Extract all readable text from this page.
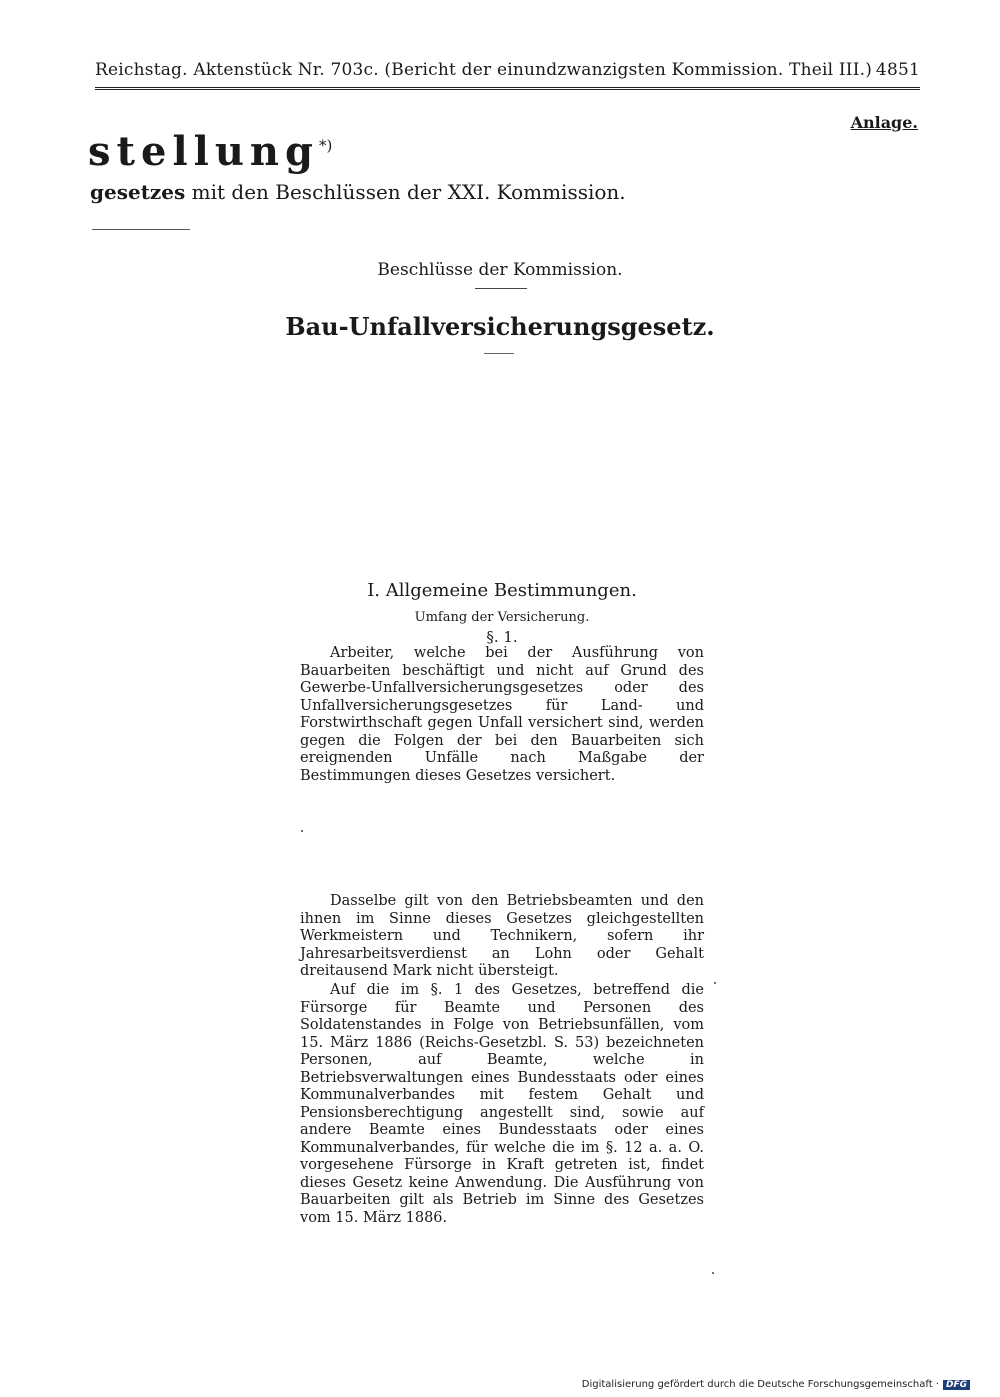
Reichstag. Aktenstück Nr. 703c. (Bericht der einundzwanzigsten Kommission. Theil III.) 4851
Anlage.
stellung*)
gesetzes mit den Beschlüssen der XXI. Kommission.
Beschlüsse der Kommission.
Bau-Unfallversicherungsgesetz.
I. Allgemeine Bestimmungen.
Umfang der Versicherung.
§. 1.

Arbeiter, welche bei der Ausführung von Bauarbeiten beschäftigt und nicht auf Grund des Gewerbe-Unfallversicherungsgesetzes oder des Unfallversicherungsgesetzes für Land- und Forstwirthschaft gegen Unfall versichert sind, werden gegen die Folgen der bei den Bauarbeiten sich ereignenden Unfälle nach Maßgabe der Bestimmungen dieses Gesetzes versichert.

Dasselbe gilt von den Betriebsbeamten und den ihnen im Sinne dieses Gesetzes gleichgestellten Werkmeistern und Technikern, sofern ihr Jahresarbeitsverdienst an Lohn oder Gehalt dreitausend Mark nicht übersteigt.

Auf die im §. 1 des Gesetzes, betreffend die Fürsorge für Beamte und Personen des Soldatenstandes in Folge von Betriebsunfällen, vom 15. März 1886 (Reichs-Gesetzbl. S. 53) bezeichneten Personen, auf Beamte, welche in Betriebsverwaltungen eines Bundesstaats oder eines Kommunalverbandes mit festem Gehalt und Pensionsberechtigung angestellt sind, sowie auf andere Beamte eines Bundesstaats oder eines Kommunalverbandes, für welche die im §. 12 a. a. O. vorgesehene Fürsorge in Kraft getreten ist, findet dieses Gesetz keine Anwendung. Die Ausführung von Bauarbeiten gilt als Betrieb im Sinne des Gesetzes vom 15. März 1886.

Digitalisierung gefördert durch die Deutsche Forschungsgemeinschaft · DFG
